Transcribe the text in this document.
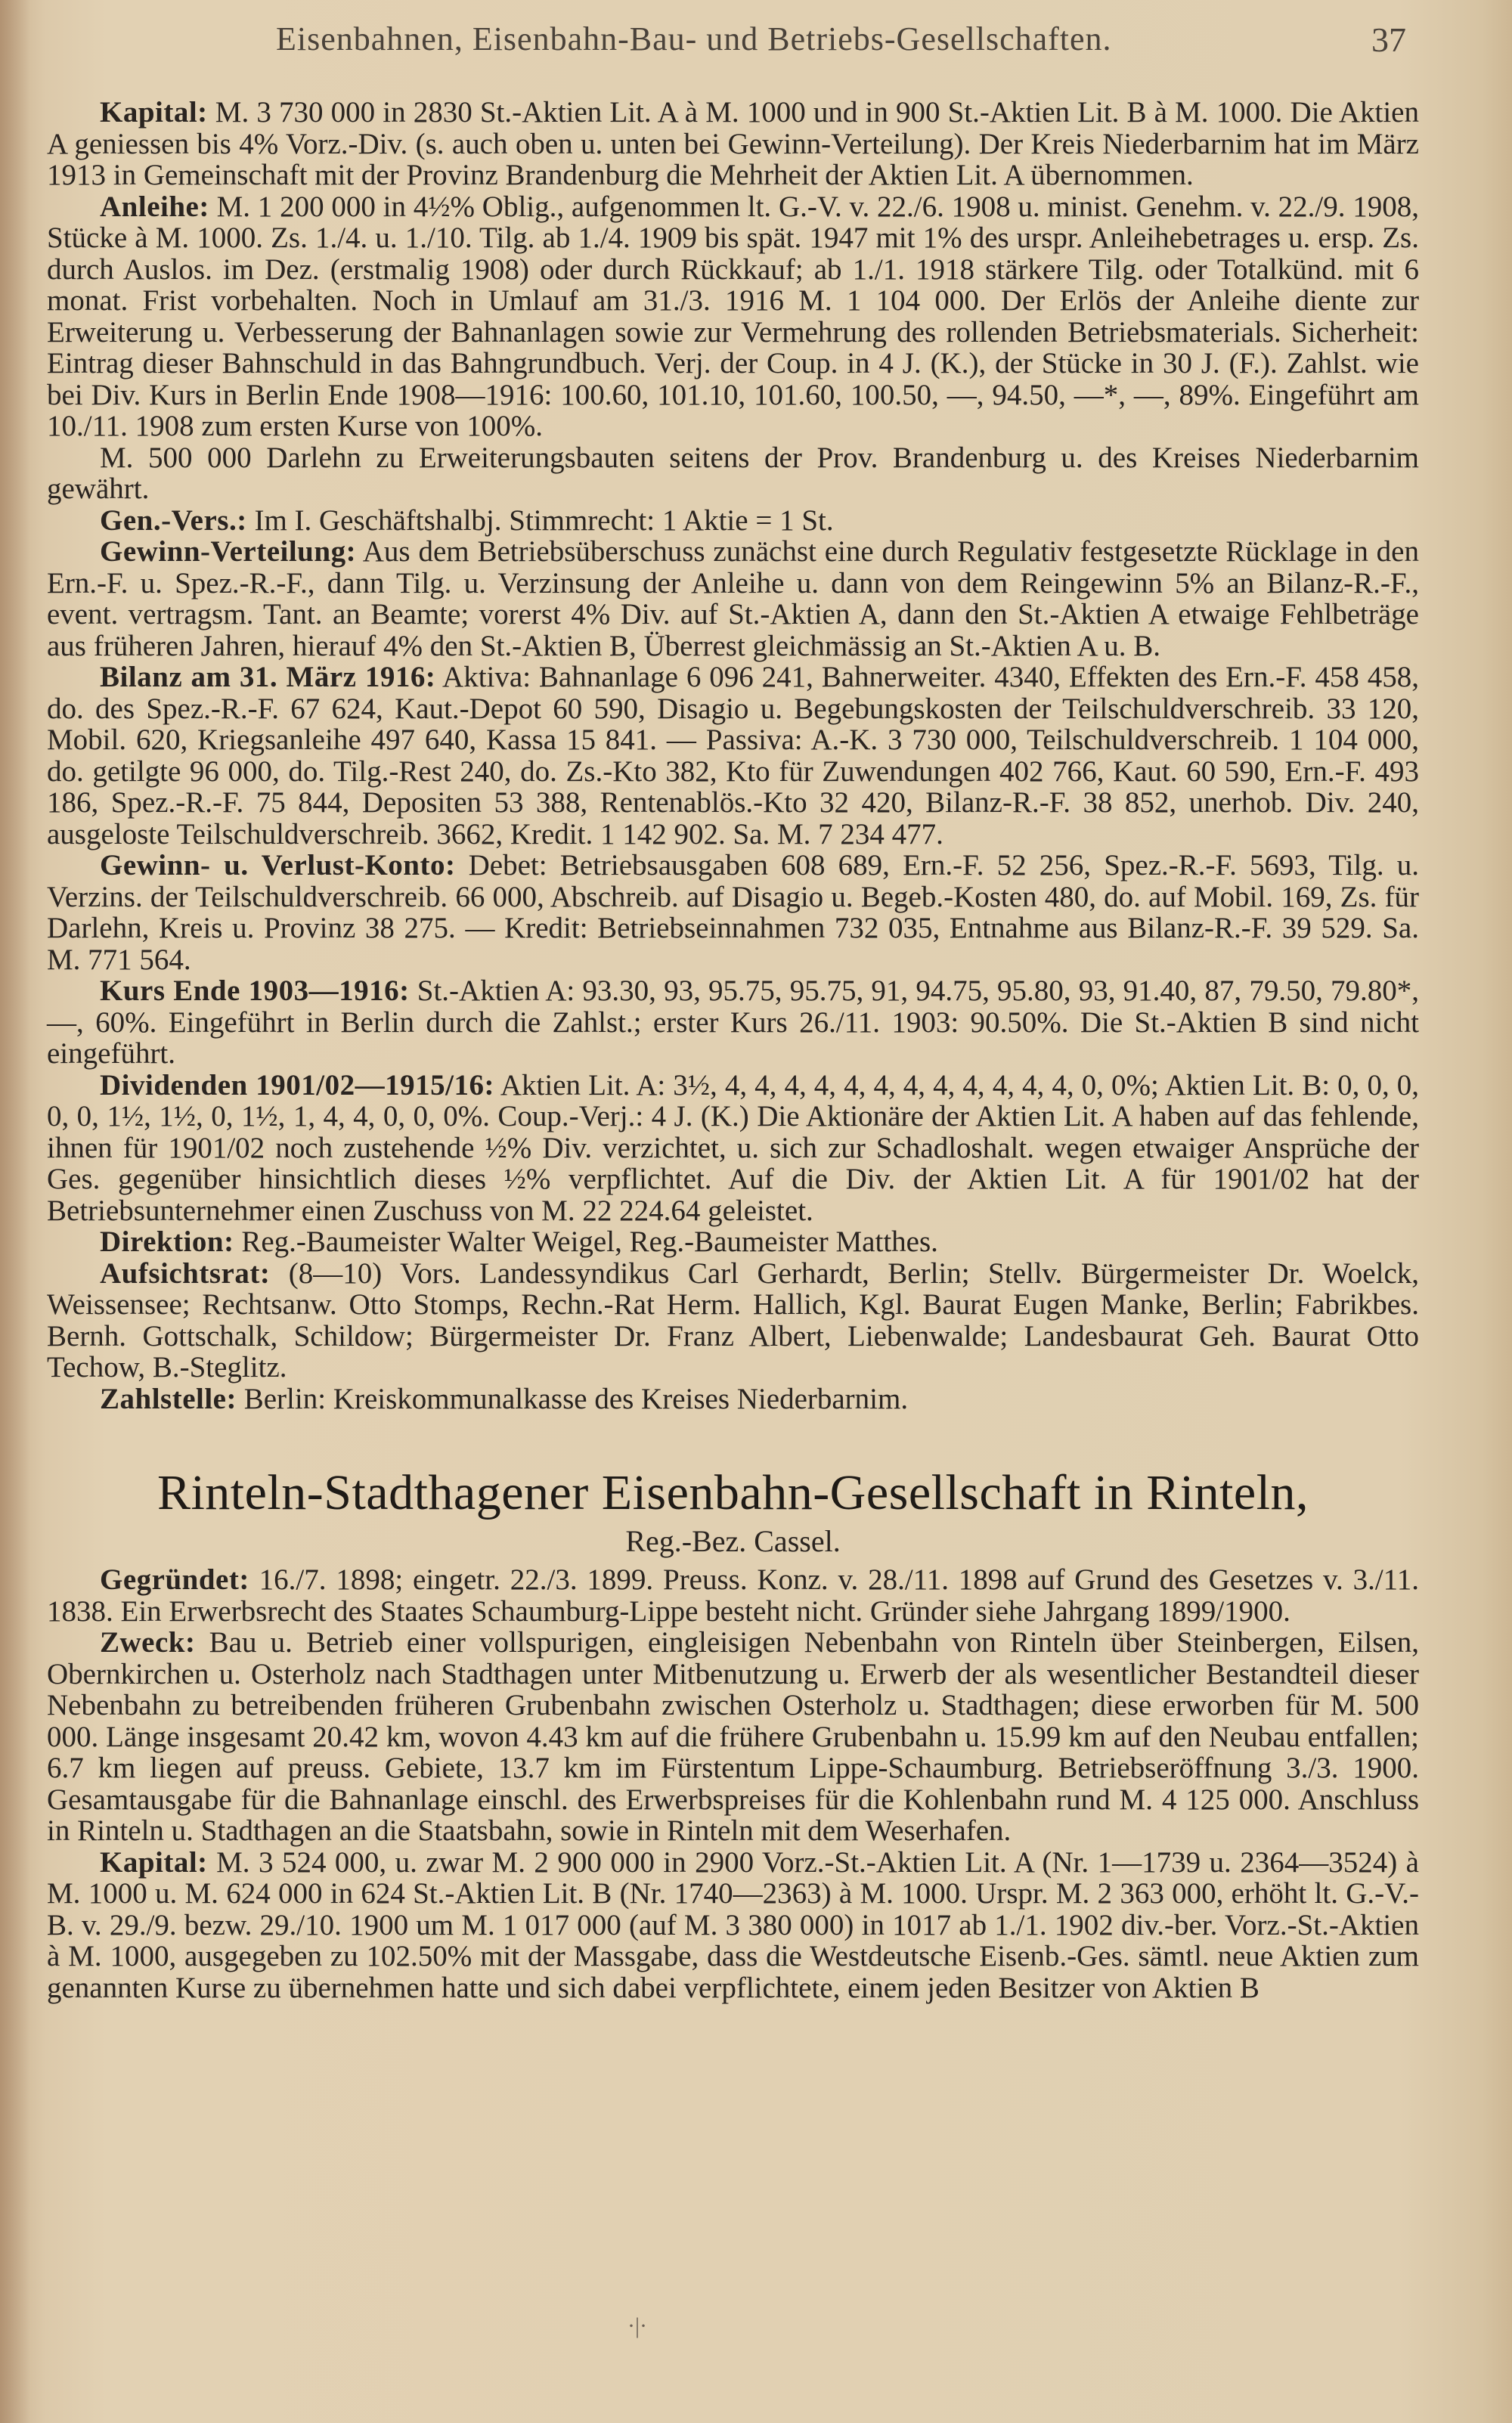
Eisenbahnen, Eisenbahn-Bau- und Betriebs-Gesellschaften.	37

Kapital: M. 3 730 000 in 2830 St.-Aktien Lit. A à M. 1000 und in 900 St.-Aktien Lit. B à M. 1000. Die Aktien A geniessen bis 4% Vorz.-Div. (s. auch oben u. unten bei Gewinn-Verteilung). Der Kreis Niederbarnim hat im März 1913 in Gemeinschaft mit der Provinz Brandenburg die Mehrheit der Aktien Lit. A übernommen.

Anleihe: M. 1 200 000 in 4½% Oblig., aufgenommen lt. G.-V. v. 22./6. 1908 u. minist. Genehm. v. 22./9. 1908, Stücke à M. 1000. Zs. 1./4. u. 1./10. Tilg. ab 1./4. 1909 bis spät. 1947 mit 1% des urspr. Anleihebetrages u. ersp. Zs. durch Auslos. im Dez. (erstmalig 1908) oder durch Rückkauf; ab 1./1. 1918 stärkere Tilg. oder Totalkünd. mit 6 monat. Frist vorbehalten. Noch in Umlauf am 31./3. 1916 M. 1 104 000. Der Erlös der Anleihe diente zur Erweiterung u. Verbesserung der Bahnanlagen sowie zur Vermehrung des rollenden Betriebsmaterials. Sicherheit: Eintrag dieser Bahnschuld in das Bahngrundbuch. Verj. der Coup. in 4 J. (K.), der Stücke in 30 J. (F.). Zahlst. wie bei Div. Kurs in Berlin Ende 1908—1916: 100.60, 101.10, 101.60, 100.50, —, 94.50, —*, —, 89%. Eingeführt am 10./11. 1908 zum ersten Kurse von 100%.

M. 500 000 Darlehn zu Erweiterungsbauten seitens der Prov. Brandenburg u. des Kreises Niederbarnim gewährt.

Gen.-Vers.: Im I. Geschäftshalbj. Stimmrecht: 1 Aktie = 1 St.

Gewinn-Verteilung: Aus dem Betriebsüberschuss zunächst eine durch Regulativ festgesetzte Rücklage in den Ern.-F. u. Spez.-R.-F., dann Tilg. u. Verzinsung der Anleihe u. dann von dem Reingewinn 5% an Bilanz-R.-F., event. vertragsm. Tant. an Beamte; vorerst 4% Div. auf St.-Aktien A, dann den St.-Aktien A etwaige Fehlbeträge aus früheren Jahren, hierauf 4% den St.-Aktien B, Überrest gleichmässig an St.-Aktien A u. B.

Bilanz am 31. März 1916: Aktiva: Bahnanlage 6 096 241, Bahnerweiter. 4340, Effekten des Ern.-F. 458 458, do. des Spez.-R.-F. 67 624, Kaut.-Depot 60 590, Disagio u. Begebungskosten der Teilschuldverschreib. 33 120, Mobil. 620, Kriegsanleihe 497 640, Kassa 15 841. — Passiva: A.-K. 3 730 000, Teilschuldverschreib. 1 104 000, do. getilgte 96 000, do. Tilg.-Rest 240, do. Zs.-Kto 382, Kto für Zuwendungen 402 766, Kaut. 60 590, Ern.-F. 493 186, Spez.-R.-F. 75 844, Depositen 53 388, Rentenablös.-Kto 32 420, Bilanz-R.-F. 38 852, unerhob. Div. 240, ausgeloste Teilschuldverschreib. 3662, Kredit. 1 142 902. Sa. M. 7 234 477.

Gewinn- u. Verlust-Konto: Debet: Betriebsausgaben 608 689, Ern.-F. 52 256, Spez.-R.-F. 5693, Tilg. u. Verzins. der Teilschuldverschreib. 66 000, Abschreib. auf Disagio u. Begeb.-Kosten 480, do. auf Mobil. 169, Zs. für Darlehn, Kreis u. Provinz 38 275. — Kredit: Betriebseinnahmen 732 035, Entnahme aus Bilanz-R.-F. 39 529. Sa. M. 771 564.

Kurs Ende 1903—1916: St.-Aktien A: 93.30, 93, 95.75, 95.75, 91, 94.75, 95.80, 93, 91.40, 87, 79.50, 79.80*, —, 60%. Eingeführt in Berlin durch die Zahlst.; erster Kurs 26./11. 1903: 90.50%. Die St.-Aktien B sind nicht eingeführt.

Dividenden 1901/02—1915/16: Aktien Lit. A: 3½, 4, 4, 4, 4, 4, 4, 4, 4, 4, 4, 4, 4, 0, 0%; Aktien Lit. B: 0, 0, 0, 0, 0, 1½, 1½, 0, 1½, 1, 4, 4, 0, 0, 0%. Coup.-Verj.: 4 J. (K.) Die Aktionäre der Aktien Lit. A haben auf das fehlende, ihnen für 1901/02 noch zustehende ½% Div. verzichtet, u. sich zur Schadloshalt. wegen etwaiger Ansprüche der Ges. gegenüber hinsichtlich dieses ½% verpflichtet. Auf die Div. der Aktien Lit. A für 1901/02 hat der Betriebsunternehmer einen Zuschuss von M. 22 224.64 geleistet.

Direktion: Reg.-Baumeister Walter Weigel, Reg.-Baumeister Matthes.

Aufsichtsrat: (8—10) Vors. Landessyndikus Carl Gerhardt, Berlin; Stellv. Bürgermeister Dr. Woelck, Weissensee; Rechtsanw. Otto Stomps, Rechn.-Rat Herm. Hallich, Kgl. Baurat Eugen Manke, Berlin; Fabrikbes. Bernh. Gottschalk, Schildow; Bürgermeister Dr. Franz Albert, Liebenwalde; Landesbaurat Geh. Baurat Otto Techow, B.-Steglitz.

Zahlstelle: Berlin: Kreiskommunalkasse des Kreises Niederbarnim.

Rinteln-Stadthagener Eisenbahn-Gesellschaft in Rinteln,
Reg.-Bez. Cassel.

Gegründet: 16./7. 1898; eingetr. 22./3. 1899. Preuss. Konz. v. 28./11. 1898 auf Grund des Gesetzes v. 3./11. 1838. Ein Erwerbsrecht des Staates Schaumburg-Lippe besteht nicht. Gründer siehe Jahrgang 1899/1900.

Zweck: Bau u. Betrieb einer vollspurigen, eingleisigen Nebenbahn von Rinteln über Steinbergen, Eilsen, Obernkirchen u. Osterholz nach Stadthagen unter Mitbenutzung u. Erwerb der als wesentlicher Bestandteil dieser Nebenbahn zu betreibenden früheren Grubenbahn zwischen Osterholz u. Stadthagen; diese erworben für M. 500 000. Länge insgesamt 20.42 km, wovon 4.43 km auf die frühere Grubenbahn u. 15.99 km auf den Neubau entfallen; 6.7 km liegen auf preuss. Gebiete, 13.7 km im Fürstentum Lippe-Schaumburg. Betriebseröffnung 3./3. 1900. Gesamtausgabe für die Bahnanlage einschl. des Erwerbspreises für die Kohlenbahn rund M. 4 125 000. Anschluss in Rinteln u. Stadthagen an die Staatsbahn, sowie in Rinteln mit dem Weserhafen.

Kapital: M. 3 524 000, u. zwar M. 2 900 000 in 2900 Vorz.-St.-Aktien Lit. A (Nr. 1—1739 u. 2364—3524) à M. 1000 u. M. 624 000 in 624 St.-Aktien Lit. B (Nr. 1740—2363) à M. 1000. Urspr. M. 2 363 000, erhöht lt. G.-V.-B. v. 29./9. bezw. 29./10. 1900 um M. 1 017 000 (auf M. 3 380 000) in 1017 ab 1./1. 1902 div.-ber. Vorz.-St.-Aktien à M. 1000, ausgegeben zu 102.50% mit der Massgabe, dass die Westdeutsche Eisenb.-Ges. sämtl. neue Aktien zum genannten Kurse zu übernehmen hatte und sich dabei verpflichtete, einem jeden Besitzer von Aktien B

·|·
